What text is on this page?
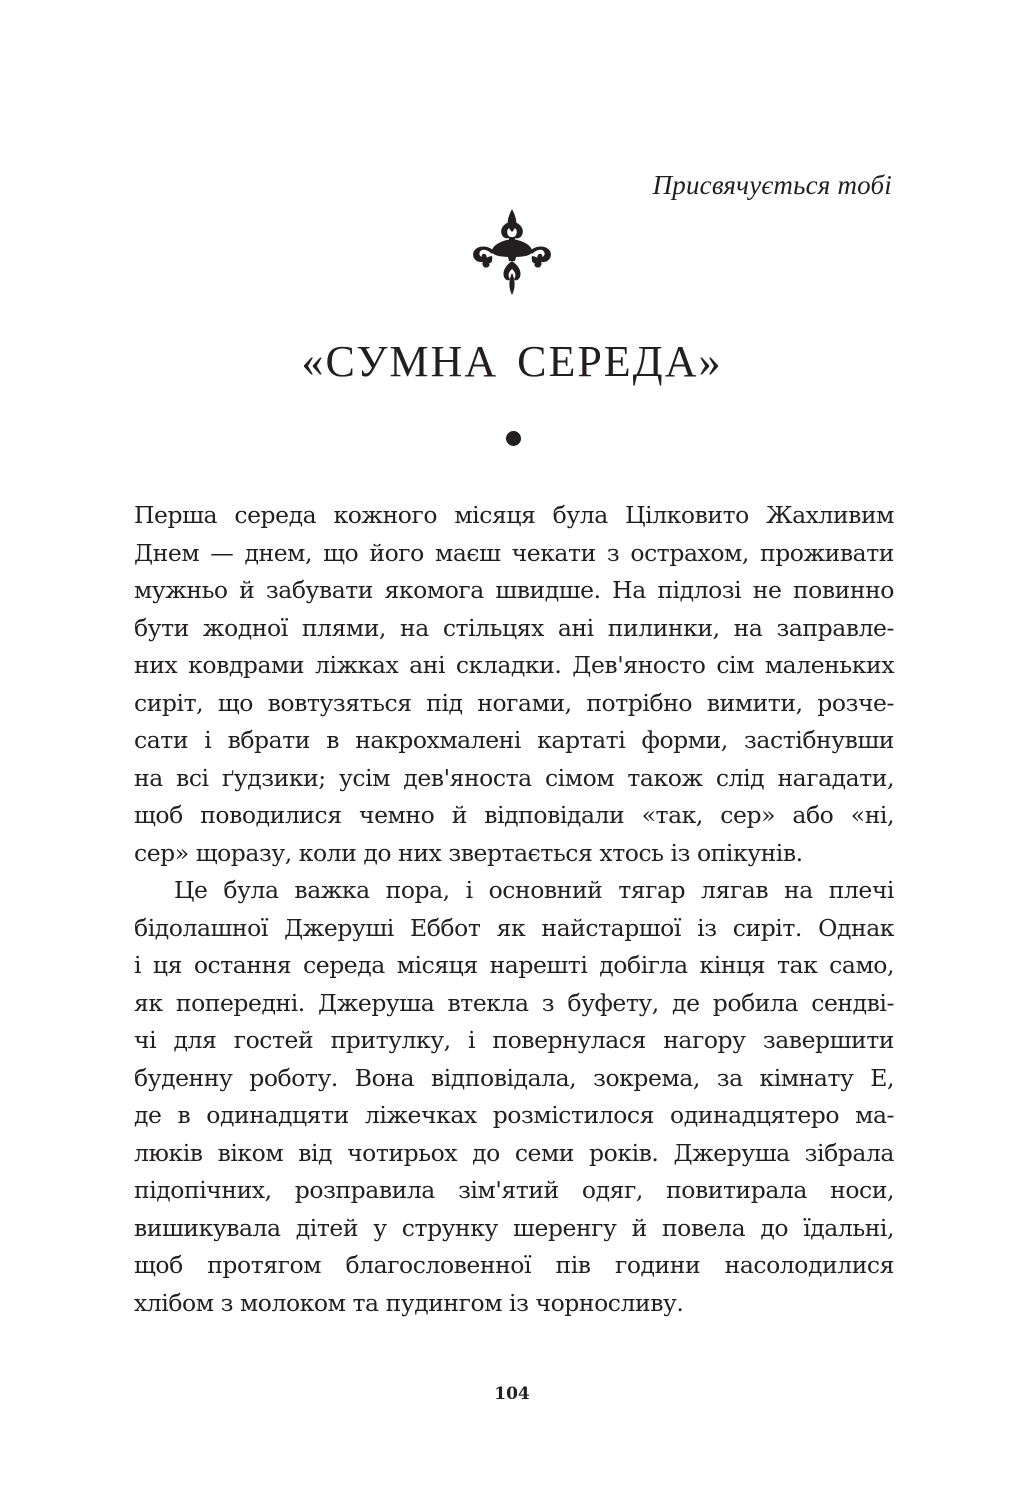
Присвячується тобі
«СУМНА СЕРЕДА»
Перша середа кожного місяця була Цілковито Жахливим
Днем — днем, що його маєш чекати з острахом, проживати
мужньо й забувати якомога швидше. На підлозі не повинно
бути жодної плями, на стільцях ані пилинки, на заправле-
них ковдрами ліжках ані складки. Дев'яносто сім маленьких
сиріт, що вовтузяться під ногами, потрібно вимити, розче-
сати і вбрати в накрохмалені картаті форми, застібнувши
на всі ґудзики; усім дев'яноста сімом також слід нагадати,
щоб поводилися чемно й відповідали «так, сер» або «ні,
сер» щоразу, коли до них звертається хтось із опікунів.
Це була важка пора, і основний тягар лягав на плечі
бідолашної Джеруші Еббот як найстаршої із сиріт. Однак
і ця остання середа місяця нарешті добігла кінця так само,
як попередні. Джеруша втекла з буфету, де робила сендві-
чі для гостей притулку, і повернулася нагору завершити
буденну роботу. Вона відповідала, зокрема, за кімнату Е,
де в одинадцяти ліжечках розмістилося одинадцятеро ма-
люків віком від чотирьох до семи років. Джеруша зібрала
підопічних, розправила зім'ятий одяг, повитирала носи,
вишикувала дітей у струнку шеренгу й повела до їдальні,
щоб протягом благословенної пів години насолодилися
хлібом з молоком та пудингом із чорносливу.
104
